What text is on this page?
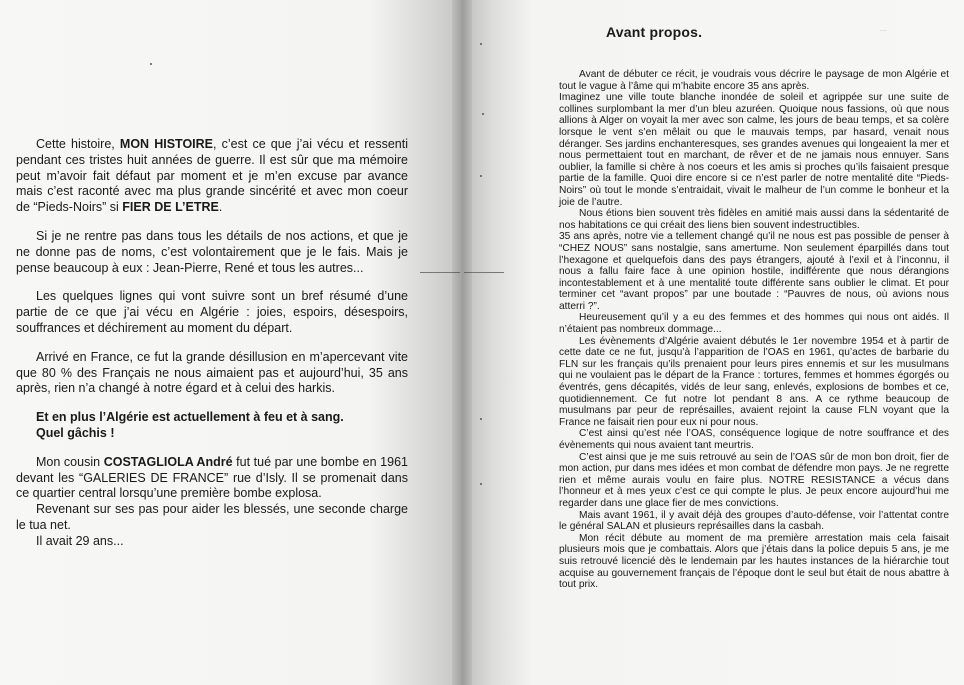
Cette histoire, MON HISTOIRE, c’est ce que j’ai vécu et ressenti pendant ces tristes huit années de guerre. Il est sûr que ma mémoire peut m’avoir fait défaut par moment et je m’en excuse par avance mais c’est raconté avec ma plus grande sincérité et avec mon coeur de “Pieds-Noirs” si FIER DE L’ETRE.

Si je ne rentre pas dans tous les détails de nos actions, et que je ne donne pas de noms, c’est volontairement que je le fais. Mais je pense beaucoup à eux : Jean-Pierre, René et tous les autres...

Les quelques lignes qui vont suivre sont un bref résumé d’une partie de ce que j’ai vécu en Algérie : joies, espoirs, désespoirs, souffrances et déchirement au moment du départ.

Arrivé en France, ce fut la grande désillusion en m’apercevant vite que 80 % des Français ne nous aimaient pas et aujourd’hui, 35 ans après, rien n’a changé à notre égard et à celui des harkis.

Et en plus l’Algérie est actuellement à feu et à sang.

Quel gâchis !

Mon cousin COSTAGLIOLA André fut tué par une bombe en 1961 devant les “GALERIES DE FRANCE” rue d’Isly. Il se promenait dans ce quartier central lorsqu’une première bombe explosa.

Revenant sur ses pas pour aider les blessés, une seconde charge le tua net.

Il avait 29 ans...

Avant propos.	····

Avant de débuter ce récit, je voudrais vous décrire le paysage de mon Algérie et tout le vague à l’âme qui m’habite encore 35 ans après.

Imaginez une ville toute blanche inondée de soleil et agrippée sur une suite de collines surplombant la mer d’un bleu azuréen. Quoique nous fassions, où que nous allions à Alger on voyait la mer avec son calme, les jours de beau temps, et sa colère lorsque le vent s’en mêlait ou que le mauvais temps, par hasard, venait nous déranger. Ses jardins enchanteresques, ses grandes avenues qui longeaient la mer et nous permettaient tout en marchant, de rêver et de ne jamais nous ennuyer. Sans oublier, la famille si chère à nos coeurs et les amis si proches qu’ils faisaient presque partie de la famille. Quoi dire encore si ce n’est parler de notre mentalité dite “Pieds-Noirs” où tout le monde s’entraidait, vivait le malheur de l’un comme le bonheur et la joie de l’autre.

Nous étions bien souvent très fidèles en amitié mais aussi dans la sédentarité de nos habitations ce qui créait des liens bien souvent indestructibles.

35 ans après, notre vie a tellement changé qu’il ne nous est pas possible de penser à “CHEZ NOUS” sans nostalgie, sans amertume. Non seulement éparpillés dans tout l’hexagone et quelquefois dans des pays étrangers, ajouté à l’exil et à l’inconnu, il nous a fallu faire face à une opinion hostile, indifférente que nous dérangions incontestablement et à une mentalité toute différente sans oublier le climat. Et pour terminer cet “avant propos” par une boutade : “Pauvres de nous, où avions nous atterri ?”.

Heureusement qu’il y a eu des femmes et des hommes qui nous ont aidés. Il n’étaient pas nombreux dommage...

Les évènements d’Algérie avaient débutés le 1er novembre 1954 et à partir de cette date ce ne fut, jusqu’à l’apparition de l’OAS en 1961, qu’actes de barbarie du FLN sur les français qu’ils prenaient pour leurs pires ennemis et sur les musulmans qui ne voulaient pas le départ de la France : tortures, femmes et hommes égorgés ou éventrés, gens décapités, vidés de leur sang, enlevés, explosions de bombes et ce, quotidiennement. Ce fut notre lot pendant 8 ans. A ce rythme beaucoup de musulmans par peur de représailles, avaient rejoint la cause FLN voyant que la France ne faisait rien pour eux ni pour nous.

C’est ainsi qu’est née l’OAS, conséquence logique de notre souffrance et des évènements qui nous avaient tant meurtris.

C’est ainsi que je me suis retrouvé au sein de l’OAS sûr de mon bon droit, fier de mon action, pur dans mes idées et mon combat de défendre mon pays. Je ne regrette rien et même aurais voulu en faire plus. NOTRE RESISTANCE a vécus dans l’honneur et à mes yeux c’est ce qui compte le plus. Je peux encore aujourd’hui me regarder dans une glace fier de mes convictions.

Mais avant 1961, il y avait déjà des groupes d’auto-défense, voir l’attentat contre le général SALAN et plusieurs représailles dans la casbah.

Mon récit débute au moment de ma première arrestation mais cela faisait plusieurs mois que je combattais. Alors que j’étais dans la police depuis 5 ans, je me suis retrouvé licencié dès le lendemain par les hautes instances de la hiérarchie tout acquise au gouvernement français de l’époque dont le seul but était de nous abattre à tout prix.
